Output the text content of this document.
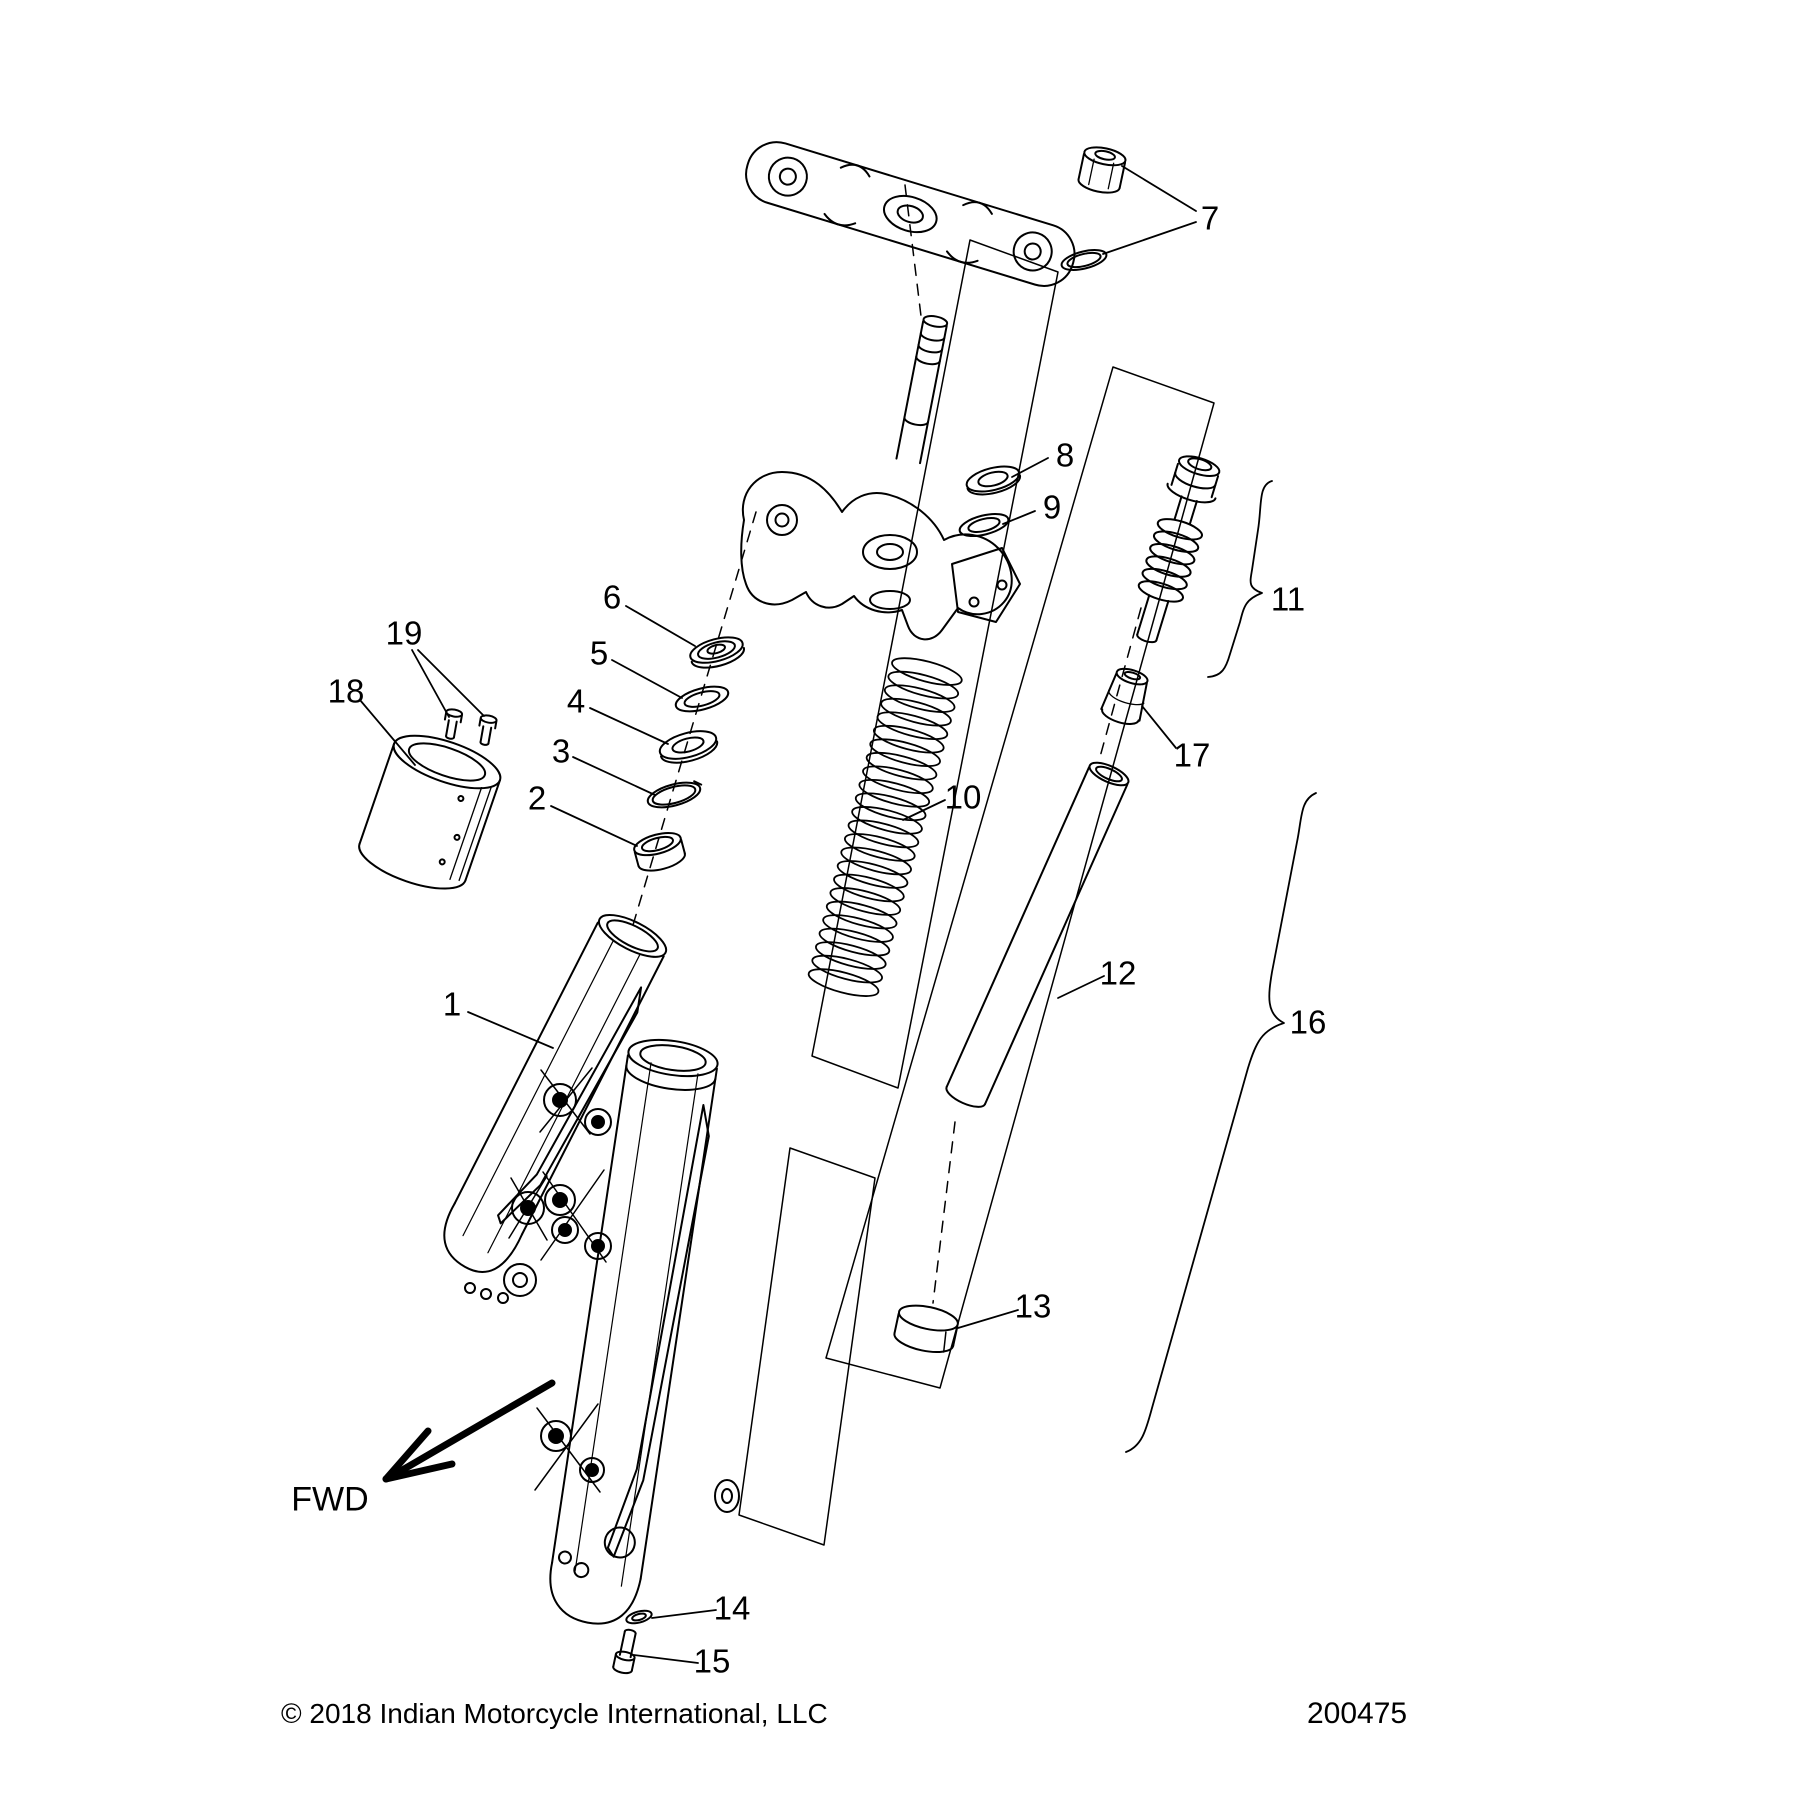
1
2
3
4
5
6
7
8
9
10
11
12
13
14
15
16
17
18
19
FWD
© 2018 Indian Motorcycle International, LLC	200475
